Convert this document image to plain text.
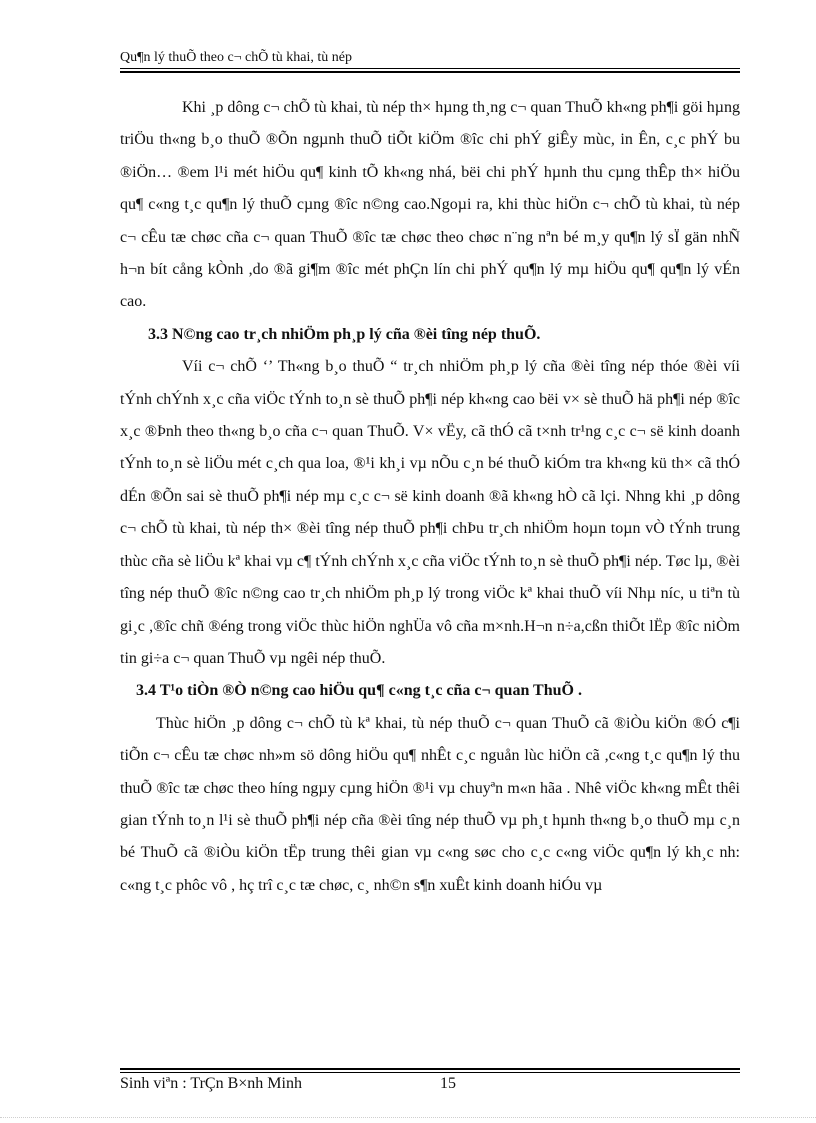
Qu¶n lý thuÕ theo c¬ chÕ tù khai, tù nép

Khi ¸p dông c¬ chÕ tù khai, tù nép th× hµng th¸ng c¬ quan ThuÕ kh«ng ph¶i göi hµng triÖu th«ng b¸o thuÕ ®Õn ngµnh thuÕ tiÕt kiÖm ®îc chi phÝ giÊy mùc, in Ên, c¸c phÝ bu ®iÖn… ®em l¹i mét hiÖu qu¶ kinh tÕ kh«ng nhá, bëi chi phÝ hµnh thu cµng thÊp th× hiÖu qu¶ c«ng t¸c qu¶n lý thuÕ cµng ®îc n©ng cao.Ngoµi ra, khi thùc hiÖn c¬ chÕ tù khai, tù nép c¬ cÊu tæ chøc cña c¬ quan ThuÕ ®îc tæ chøc theo chøc n¨ng nªn bé m¸y qu¶n lý sÏ gän nhÑ h¬n bít cång kÒnh ,do ®ã gi¶m ®îc mét phÇn lín chi phÝ qu¶n lý mµ hiÖu qu¶ qu¶n lý vÉn cao.

3.3 N©ng cao tr¸ch nhiÖm ph¸p lý cña ®èi tîng nép thuÕ.

Víi c¬ chÕ ‘’ Th«ng b¸o thuÕ “ tr¸ch nhiÖm ph¸p lý cña ®èi tîng nép thóe ®èi víi tÝnh chÝnh x¸c cña viÖc tÝnh to¸n sè thuÕ ph¶i nép kh«ng cao bëi v× sè thuÕ hä ph¶i nép ®îc x¸c ®Þnh theo th«ng b¸o cña c¬ quan ThuÕ. V× vËy, cã thÓ cã t×nh tr¹ng c¸c c¬ së kinh doanh tÝnh to¸n sè liÖu mét c¸ch qua loa, ®¹i kh¸i vµ nÕu c¸n bé thuÕ kiÓm tra kh«ng kü th× cã thÓ dÉn ®Õn sai sè thuÕ ph¶i nép mµ c¸c c¬ së kinh doanh ®ã kh«ng hÒ cã lçi. Nhng khi ¸p dông c¬ chÕ tù khai, tù nép th× ®èi tîng nép thuÕ ph¶i chÞu tr¸ch nhiÖm hoµn toµn vÒ tÝnh trung thùc cña sè liÖu kª khai vµ c¶ tÝnh chÝnh x¸c cña viÖc tÝnh to¸n sè thuÕ ph¶i nép. Tøc lµ, ®èi tîng nép thuÕ ®îc n©ng cao tr¸ch nhiÖm ph¸p lý trong viÖc kª khai thuÕ víi Nhµ níc, u tiªn tù gi¸c ,®îc chñ ®éng trong viÖc thùc hiÖn nghÜa vô cña m×nh.H¬n n÷a,cßn thiÕt lËp ®îc niÒm tin gi÷a c¬ quan ThuÕ vµ ngêi nép thuÕ.

3.4 T¹o tiÒn ®Ò n©ng cao hiÖu qu¶ c«ng t¸c cña c¬ quan ThuÕ .

Thùc hiÖn ¸p dông c¬ chÕ tù kª khai, tù nép thuÕ c¬ quan ThuÕ cã ®iÒu kiÖn ®Ó c¶i tiÕn c¬ cÊu tæ chøc nh»m sö dông hiÖu qu¶ nhÊt c¸c nguån lùc hiÖn cã ,c«ng t¸c qu¶n lý thu thuÕ ®îc tæ chøc theo híng ngµy cµng hiÖn ®¹i vµ chuyªn m«n hãa . Nhê viÖc kh«ng mÊt thêi gian tÝnh to¸n l¹i sè thuÕ ph¶i nép cña ®èi tîng nép thuÕ vµ ph¸t hµnh th«ng b¸o thuÕ mµ c¸n bé ThuÕ cã ®iÒu kiÖn tËp trung thêi gian vµ c«ng søc cho c¸c c«ng viÖc qu¶n lý kh¸c nh: c«ng t¸c phôc vô , hç trî c¸c tæ chøc, c¸ nh©n s¶n xuÊt kinh doanh hiÓu vµ

Sinh viªn : TrÇn B×nh Minh	15
